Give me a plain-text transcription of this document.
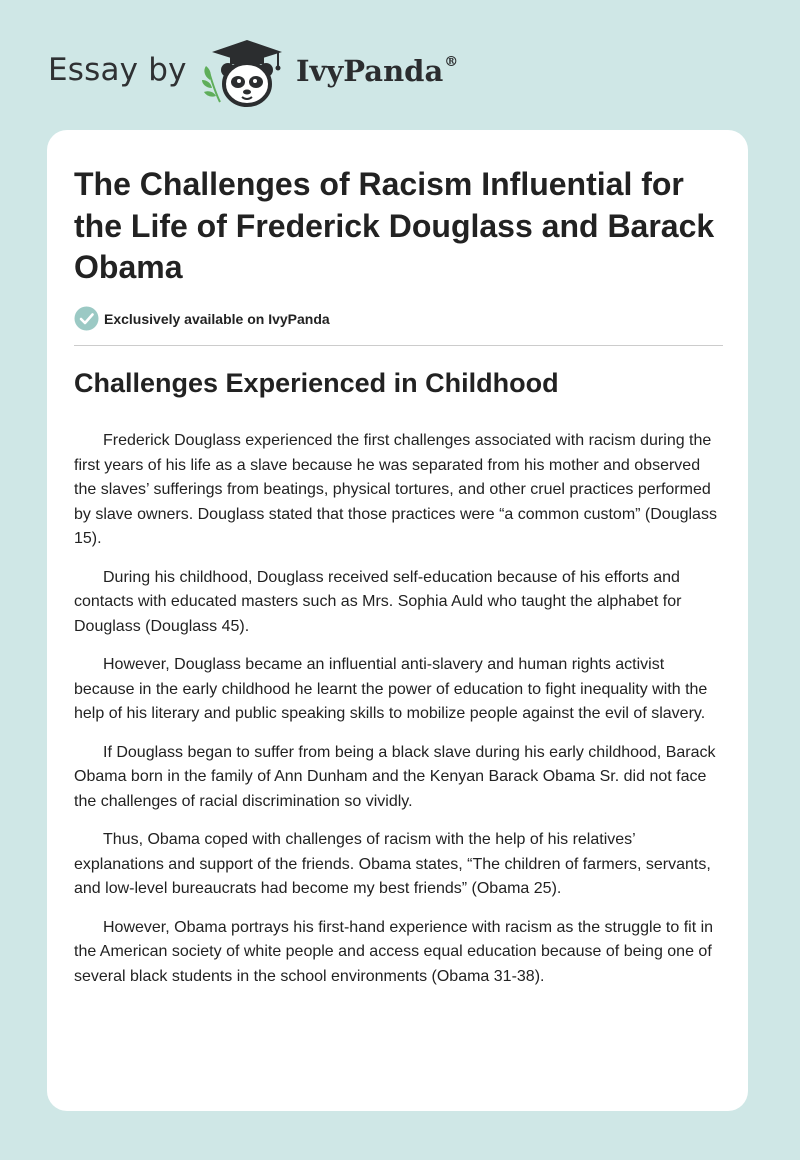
Essay by	IvyPanda®
The Challenges of Racism Influential for the Life of Frederick Douglass and Barack Obama
Exclusively available on IvyPanda
Challenges Experienced in Childhood

Frederick Douglass experienced the first challenges associated with racism during the first years of his life as a slave because he was separated from his mother and observed the slaves’ sufferings from beatings, physical tortures, and other cruel practices performed by slave owners. Douglass stated that those practices were “a common custom” (Douglass 15).

During his childhood, Douglass received self-education because of his efforts and contacts with educated masters such as Mrs. Sophia Auld who taught the alphabet for Douglass (Douglass 45).

However, Douglass became an influential anti-slavery and human rights activist because in the early childhood he learnt the power of education to fight inequality with the help of his literary and public speaking skills to mobilize people against the evil of slavery.

If Douglass began to suffer from being a black slave during his early childhood, Barack Obama born in the family of Ann Dunham and the Kenyan Barack Obama Sr. did not face the challenges of racial discrimination so vividly.

Thus, Obama coped with challenges of racism with the help of his relatives’ explanations and support of the friends. Obama states, “The children of farmers, servants, and low-level bureaucrats had become my best friends” (Obama 25).

However, Obama portrays his first-hand experience with racism as the struggle to fit in the American society of white people and access equal education because of being one of several black students in the school environments (Obama 31-38).
